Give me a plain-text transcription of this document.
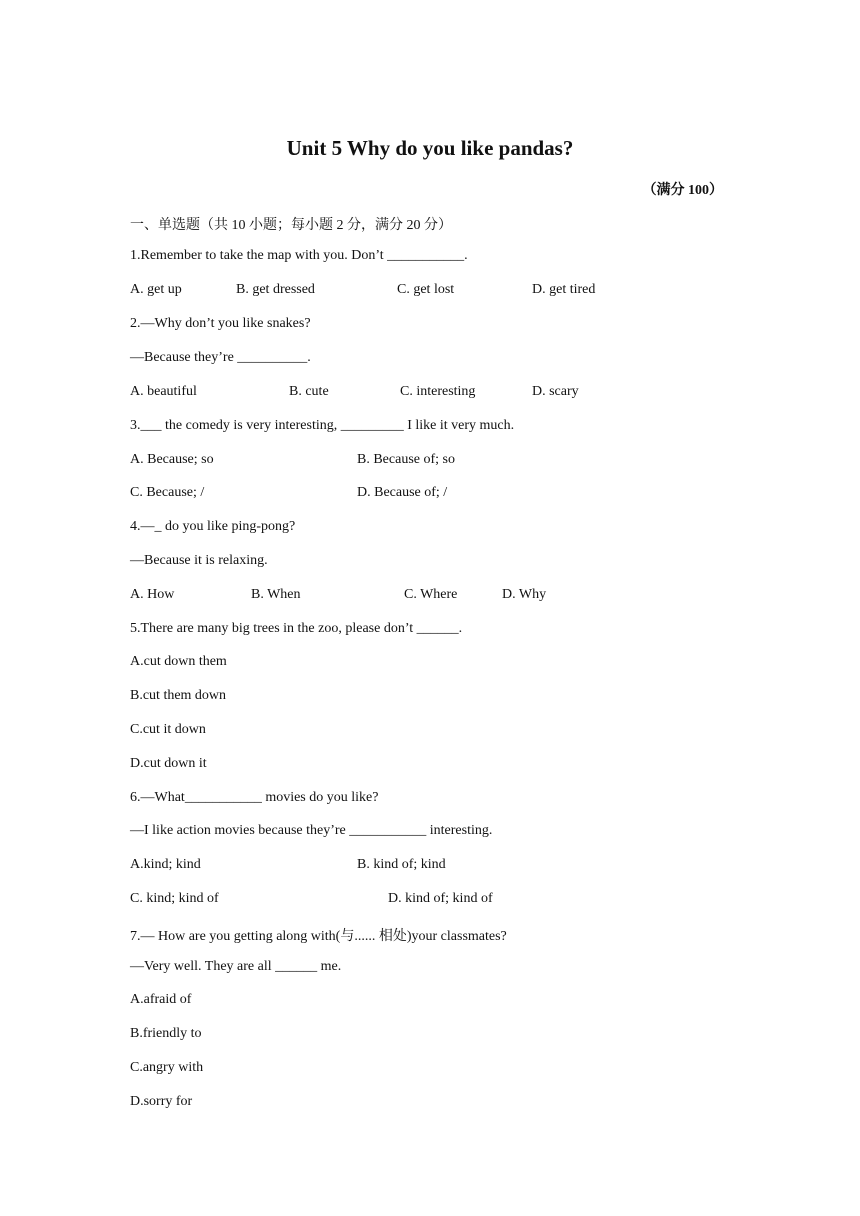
Unit 5 Why do you like pandas?
（满分 100）
一、单选题（共 10 小题；每小题 2 分，满分 20 分）
1.Remember to take the map with you. Don’t ___________.
A. get up	B. get dressed	C. get lost	D. get tired
2.—Why don’t you like snakes?
—Because they’re __________.
A. beautiful	B. cute	C. interesting	D. scary
3.___ the comedy is very interesting, _________ I like it very much.
A. Because; so	B. Because of; so
C. Because; /	D. Because of; /
4.—_ do you like ping-pong?
—Because it is relaxing.
A. How	B. When	C. Where	D. Why
5.There are many big trees in the zoo, please don’t ______.
A.cut down them
B.cut them down
C.cut it down
D.cut down it
6.—What___________ movies do you like?
—I like action movies because they’re ___________ interesting.
A.kind; kind	B. kind of; kind
C. kind; kind of	D. kind of; kind of
7.— How are you getting along with(与...... 相处)your classmates?
—Very well. They are all ______ me.
A.afraid of
B.friendly to
C.angry with
D.sorry for
